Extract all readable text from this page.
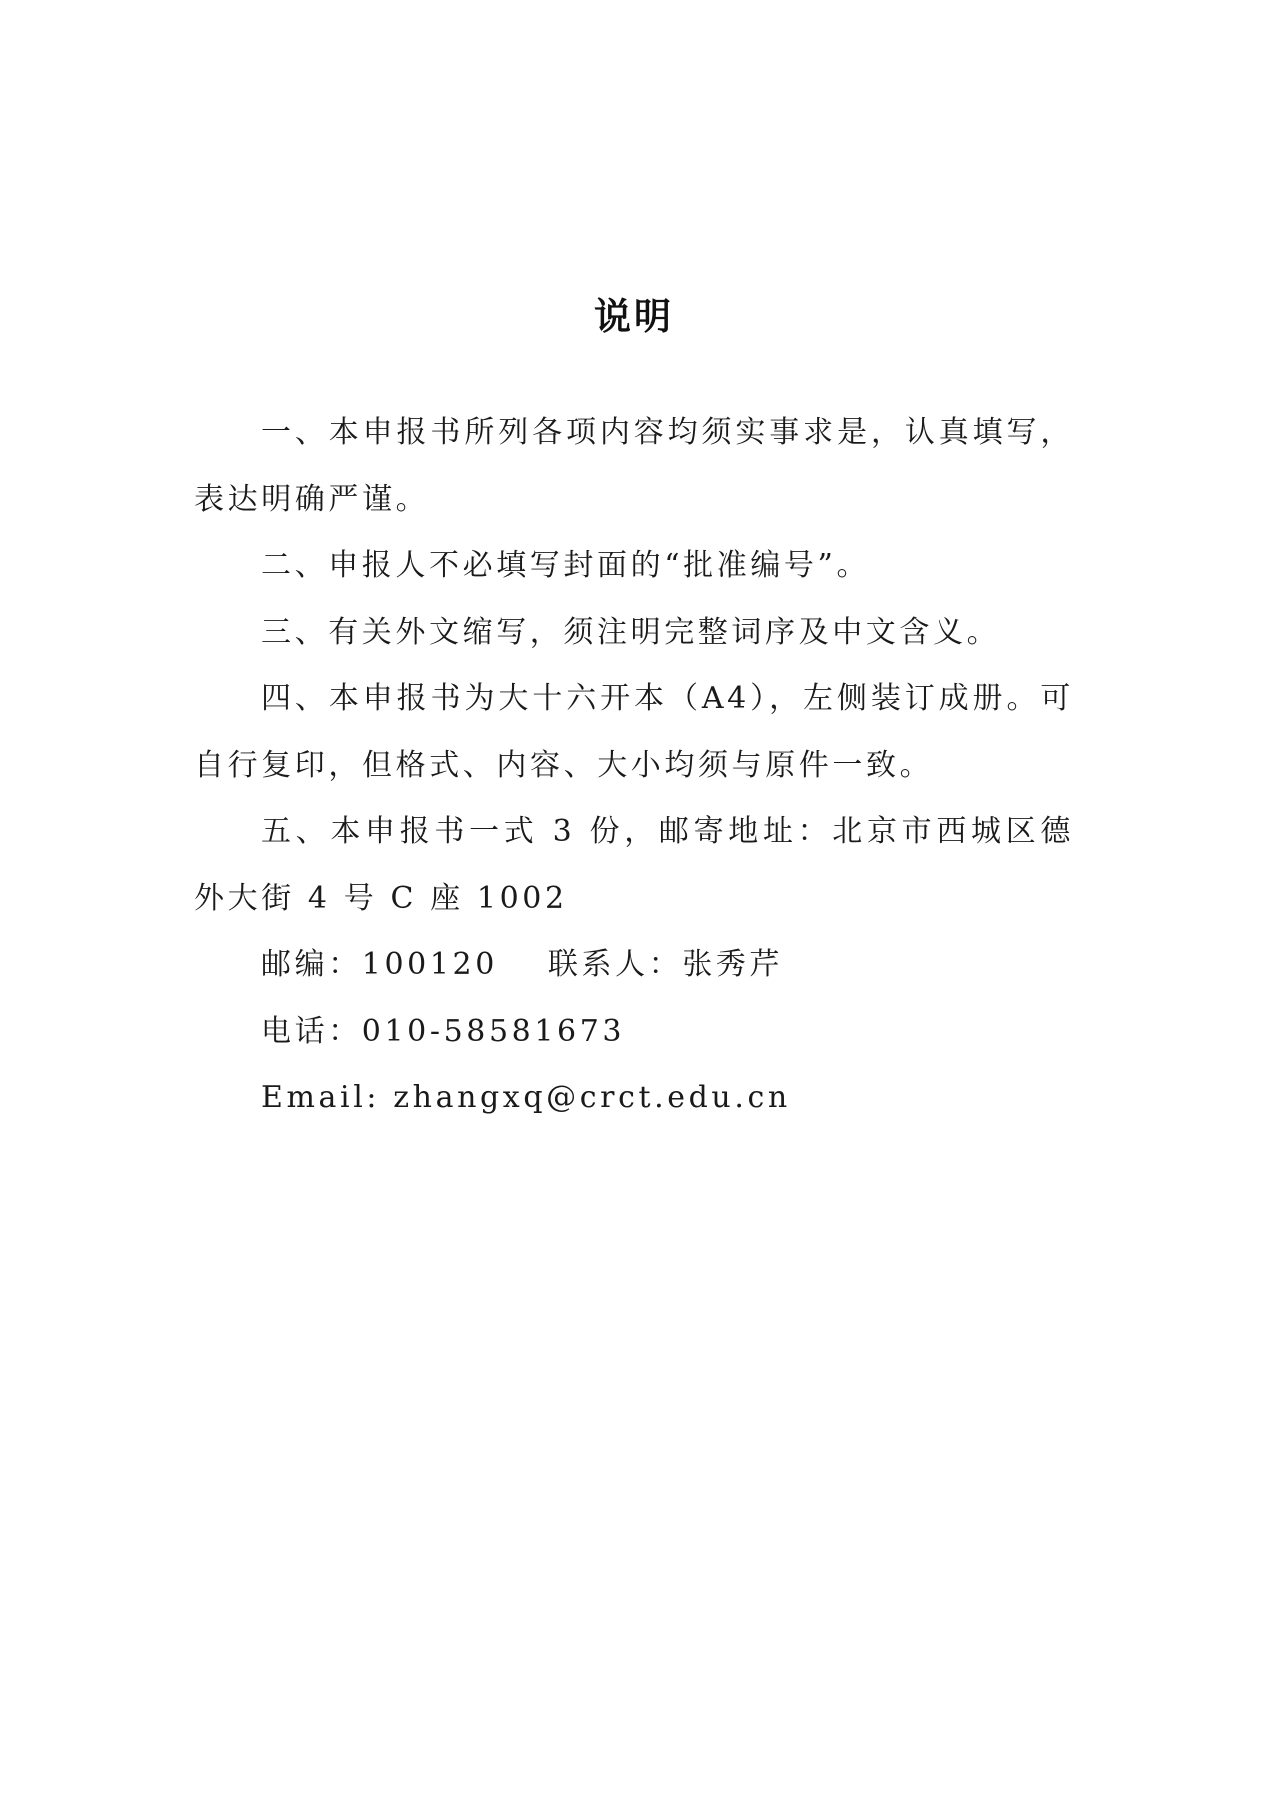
说明

一、本申报书所列各项内容均须实事求是，认真填写，表达明确严谨。

二、申报人不必填写封面的“批准编号”。

三、有关外文缩写，须注明完整词序及中文含义。

四、本申报书为大十六开本（A4），左侧装订成册。可自行复印，但格式、内容、大小均须与原件一致。

五、本申报书一式 3 份，邮寄地址：北京市西城区德外大街 4 号 C 座 1002

邮编：100120 联系人：张秀芹

电话：010-58581673

Email: zhangxq@crct.edu.cn
